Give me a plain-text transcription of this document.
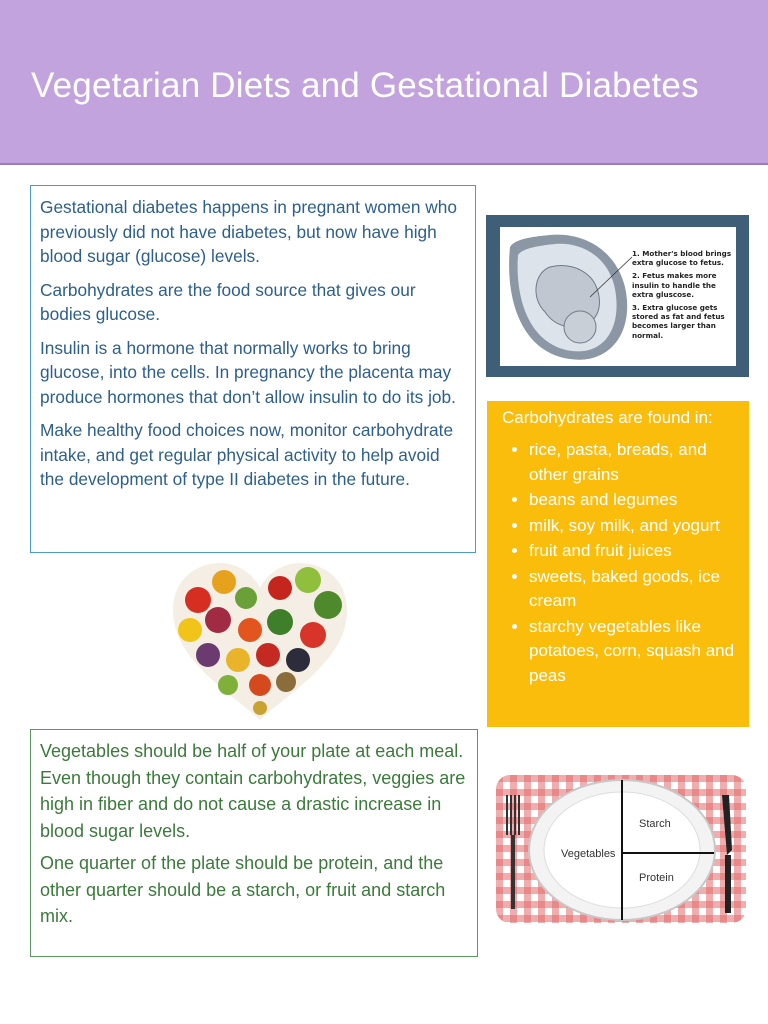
Vegetarian Diets and Gestational Diabetes

Gestational diabetes happens in pregnant women who previously did not have diabetes, but now have high blood sugar (glucose) levels.

Carbohydrates are the food source that gives our bodies glucose.

Insulin is a hormone that normally works to bring glucose, into the cells. In pregnancy the placenta may produce hormones that don’t allow insulin to do its job.

Make healthy food choices now, monitor carbohydrate intake, and get regular physical activity to help avoid the development of type II diabetes in the future.

1. Mother's blood brings extra glucose to fetus.
2. Fetus makes more insulin to handle the extra gluscose.
3. Extra glucose gets stored as fat and fetus becomes larger than normal.
Carbohydrates are found in:
• rice, pasta, breads, and other grains
• beans and legumes
• milk, soy milk, and yogurt
• fruit and fruit juices
• sweets, baked goods, ice cream
• starchy vegetables like potatoes, corn, squash and peas

Vegetables should be half of your plate at each meal. Even though they contain carbohydrates, veggies are high in fiber and do not cause a drastic increase in blood sugar levels.

One quarter of the plate should be protein, and the other quarter should be a starch, or fruit and starch mix.

Vegetables
Starch
Protein
